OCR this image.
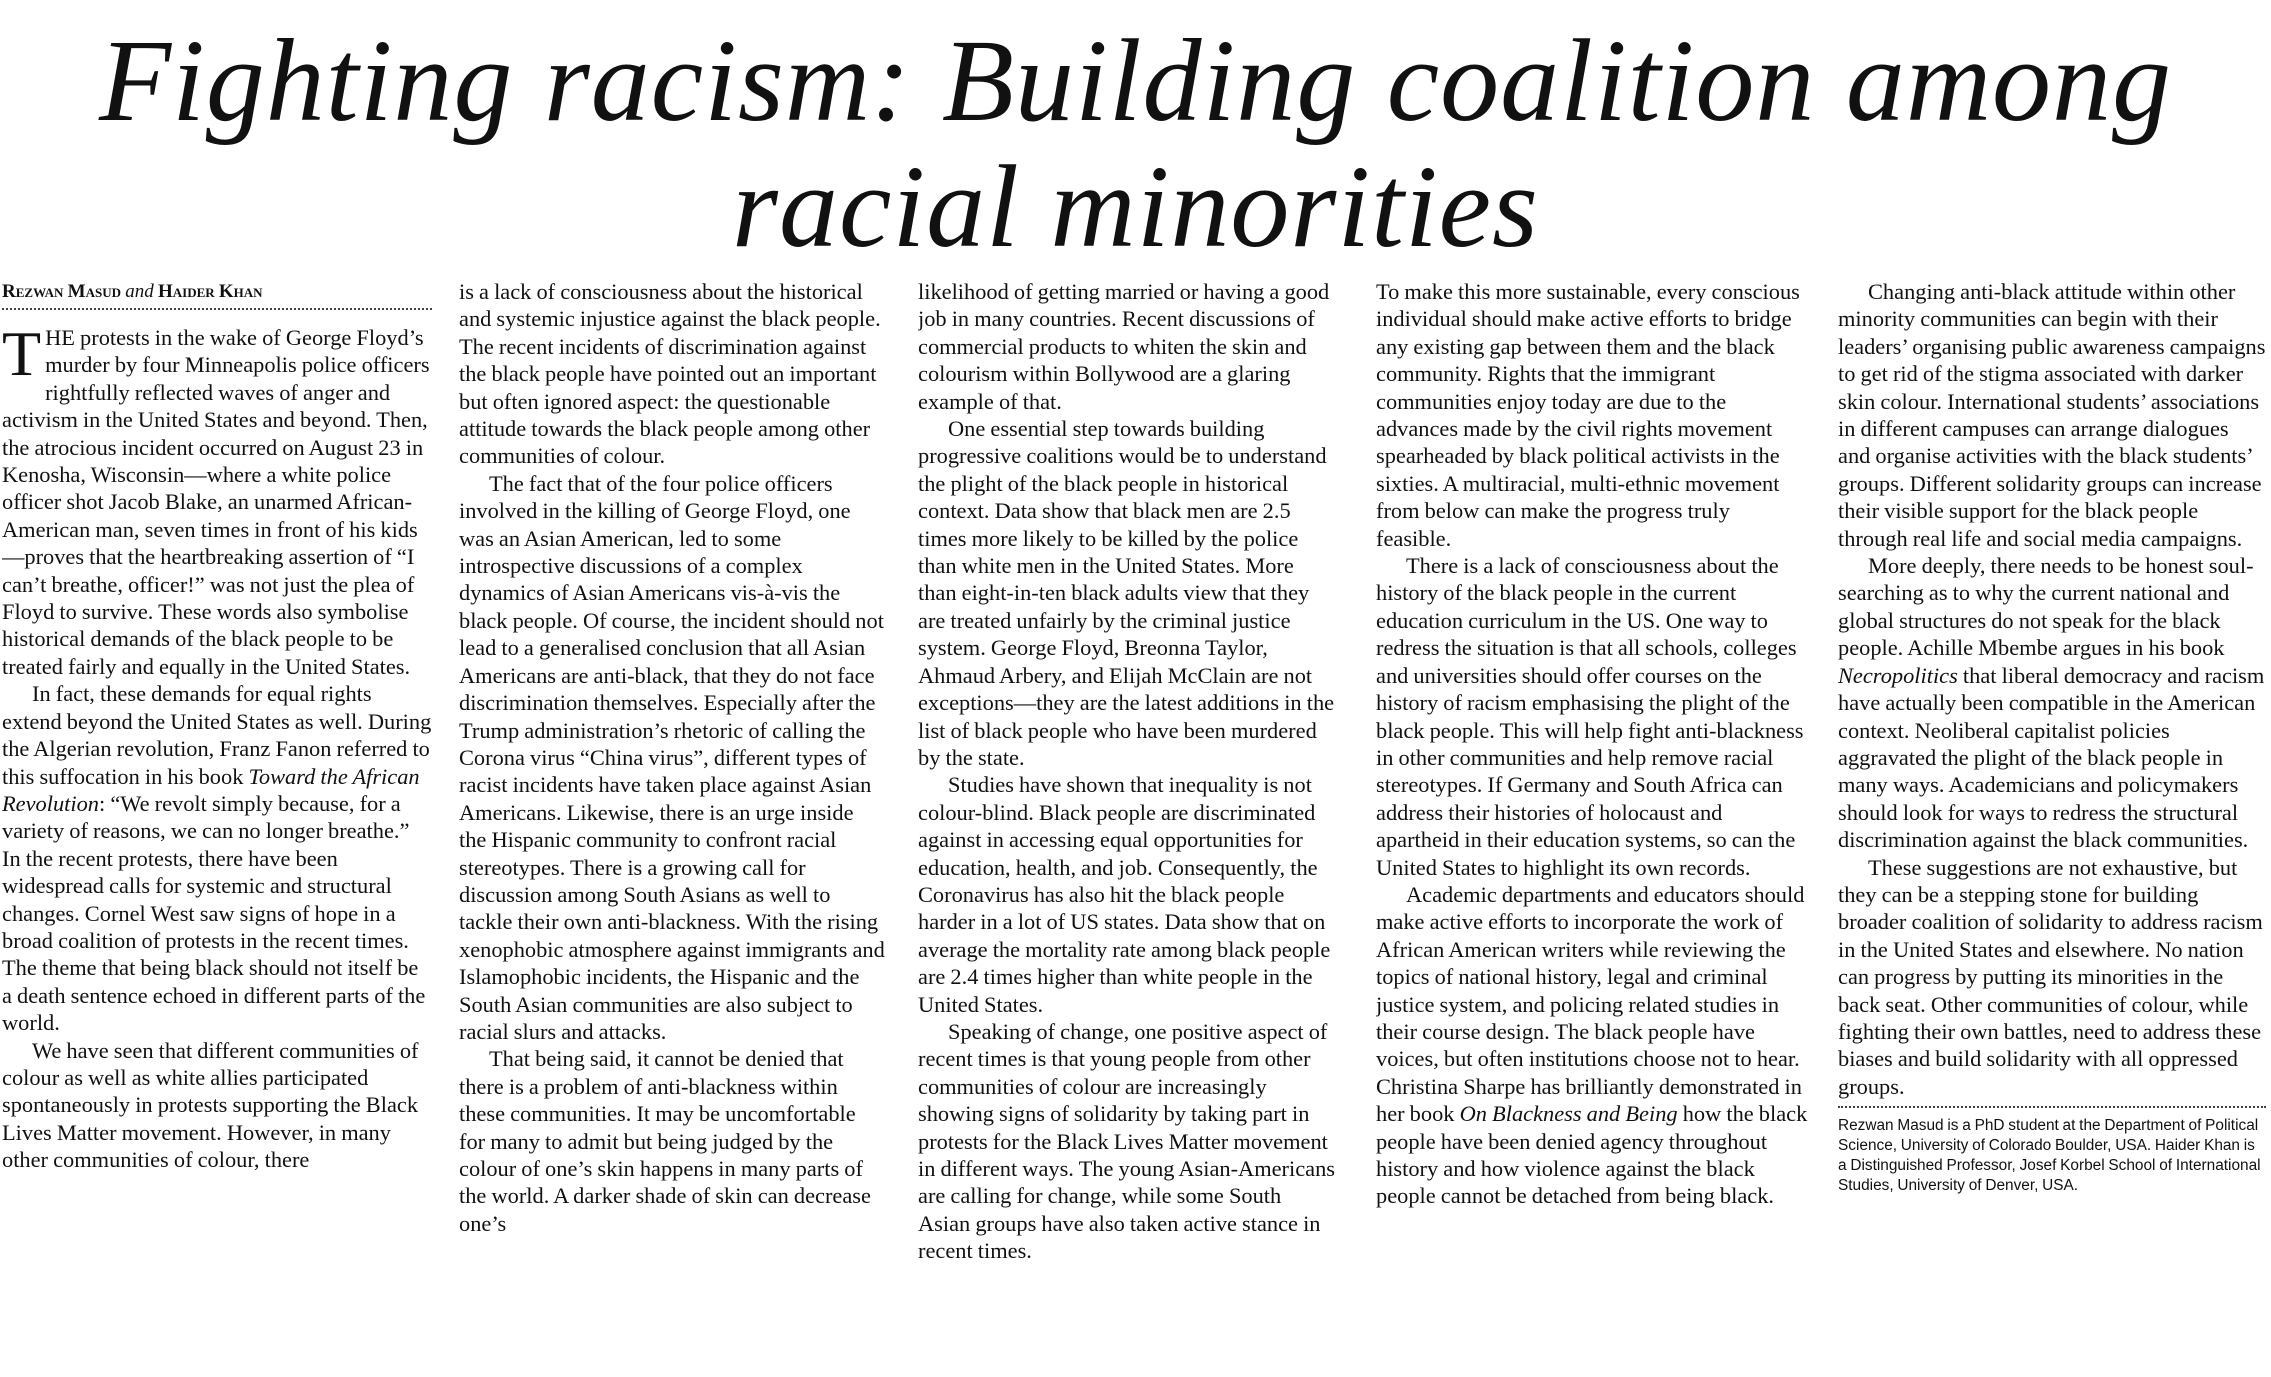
Fighting racism: Building coalition among
racial minorities
Rezwan Masud and Haider Khan

THE protests in the wake of George Floyd’s murder by four Minneapolis police officers rightfully reflected waves of anger and activism in the United States and beyond. Then, the atrocious incident occurred on August 23 in Kenosha, Wisconsin—where a white police officer shot Jacob Blake, an unarmed African-American man, seven times in front of his kids—proves that the heartbreaking assertion of “I can’t breathe, officer!” was not just the plea of Floyd to survive. These words also symbolise historical demands of the black people to be treated fairly and equally in the United States.

In fact, these demands for equal rights extend beyond the United States as well. During the Algerian revolution, Franz Fanon referred to this suffocation in his book Toward the African Revolution: “We revolt simply because, for a variety of reasons, we can no longer breathe.” In the recent protests, there have been widespread calls for systemic and structural changes. Cornel West saw signs of hope in a broad coalition of protests in the recent times. The theme that being black should not itself be a death sentence echoed in different parts of the world.

We have seen that different communities of colour as well as white allies participated spontaneously in protests supporting the Black Lives Matter movement. However, in many other communities of colour, there

is a lack of consciousness about the historical and systemic injustice against the black people. The recent incidents of discrimination against the black people have pointed out an important but often ignored aspect: the questionable attitude towards the black people among other communities of colour.

The fact that of the four police officers involved in the killing of George Floyd, one was an Asian American, led to some introspective discussions of a complex dynamics of Asian Americans vis-à-vis the black people. Of course, the incident should not lead to a generalised conclusion that all Asian Americans are anti-black, that they do not face discrimination themselves. Especially after the Trump administration’s rhetoric of calling the Corona virus “China virus”, different types of racist incidents have taken place against Asian Americans. Likewise, there is an urge inside the Hispanic community to confront racial stereotypes. There is a growing call for discussion among South Asians as well to tackle their own anti-blackness. With the rising xenophobic atmosphere against immigrants and Islamophobic incidents, the Hispanic and the South Asian communities are also subject to racial slurs and attacks.

That being said, it cannot be denied that there is a problem of anti-blackness within these communities. It may be uncomfortable for many to admit but being judged by the colour of one’s skin happens in many parts of the world. A darker shade of skin can decrease one’s

likelihood of getting married or having a good job in many countries. Recent discussions of commercial products to whiten the skin and colourism within Bollywood are a glaring example of that.

One essential step towards building progressive coalitions would be to understand the plight of the black people in historical context. Data show that black men are 2.5 times more likely to be killed by the police than white men in the United States. More than eight-in-ten black adults view that they are treated unfairly by the criminal justice system. George Floyd, Breonna Taylor, Ahmaud Arbery, and Elijah McClain are not exceptions—they are the latest additions in the list of black people who have been murdered by the state.

Studies have shown that inequality is not colour-blind. Black people are discriminated against in accessing equal opportunities for education, health, and job. Consequently, the Coronavirus has also hit the black people harder in a lot of US states. Data show that on average the mortality rate among black people are 2.4 times higher than white people in the United States.

Speaking of change, one positive aspect of recent times is that young people from other communities of colour are increasingly showing signs of solidarity by taking part in protests for the Black Lives Matter movement in different ways. The young Asian-Americans are calling for change, while some South Asian groups have also taken active stance in recent times.

To make this more sustainable, every conscious individual should make active efforts to bridge any existing gap between them and the black community. Rights that the immigrant communities enjoy today are due to the advances made by the civil rights movement spearheaded by black political activists in the sixties. A multiracial, multi-ethnic movement from below can make the progress truly feasible.

There is a lack of consciousness about the history of the black people in the current education curriculum in the US. One way to redress the situation is that all schools, colleges and universities should offer courses on the history of racism emphasising the plight of the black people. This will help fight anti-blackness in other communities and help remove racial stereotypes. If Germany and South Africa can address their histories of holocaust and apartheid in their education systems, so can the United States to highlight its own records.

Academic departments and educators should make active efforts to incorporate the work of African American writers while reviewing the topics of national history, legal and criminal justice system, and policing related studies in their course design. The black people have voices, but often institutions choose not to hear. Christina Sharpe has brilliantly demonstrated in her book On Blackness and Being how the black people have been denied agency throughout history and how violence against the black people cannot be detached from being black.

Changing anti-black attitude within other minority communities can begin with their leaders’ organising public awareness campaigns to get rid of the stigma associated with darker skin colour. International students’ associations in different campuses can arrange dialogues and organise activities with the black students’ groups. Different solidarity groups can increase their visible support for the black people through real life and social media campaigns.

More deeply, there needs to be honest soul-searching as to why the current national and global structures do not speak for the black people. Achille Mbembe argues in his book Necropolitics that liberal democracy and racism have actually been compatible in the American context. Neoliberal capitalist policies aggravated the plight of the black people in many ways. Academicians and policymakers should look for ways to redress the structural discrimination against the black communities.

These suggestions are not exhaustive, but they can be a stepping stone for building broader coalition of solidarity to address racism in the United States and elsewhere. No nation can progress by putting its minorities in the back seat. Other communities of colour, while fighting their own battles, need to address these biases and build solidarity with all oppressed groups.

Rezwan Masud is a PhD student at the Department of Political Science, University of Colorado Boulder, USA. Haider Khan is a Distinguished Professor, Josef Korbel School of International Studies, University of Denver, USA.
